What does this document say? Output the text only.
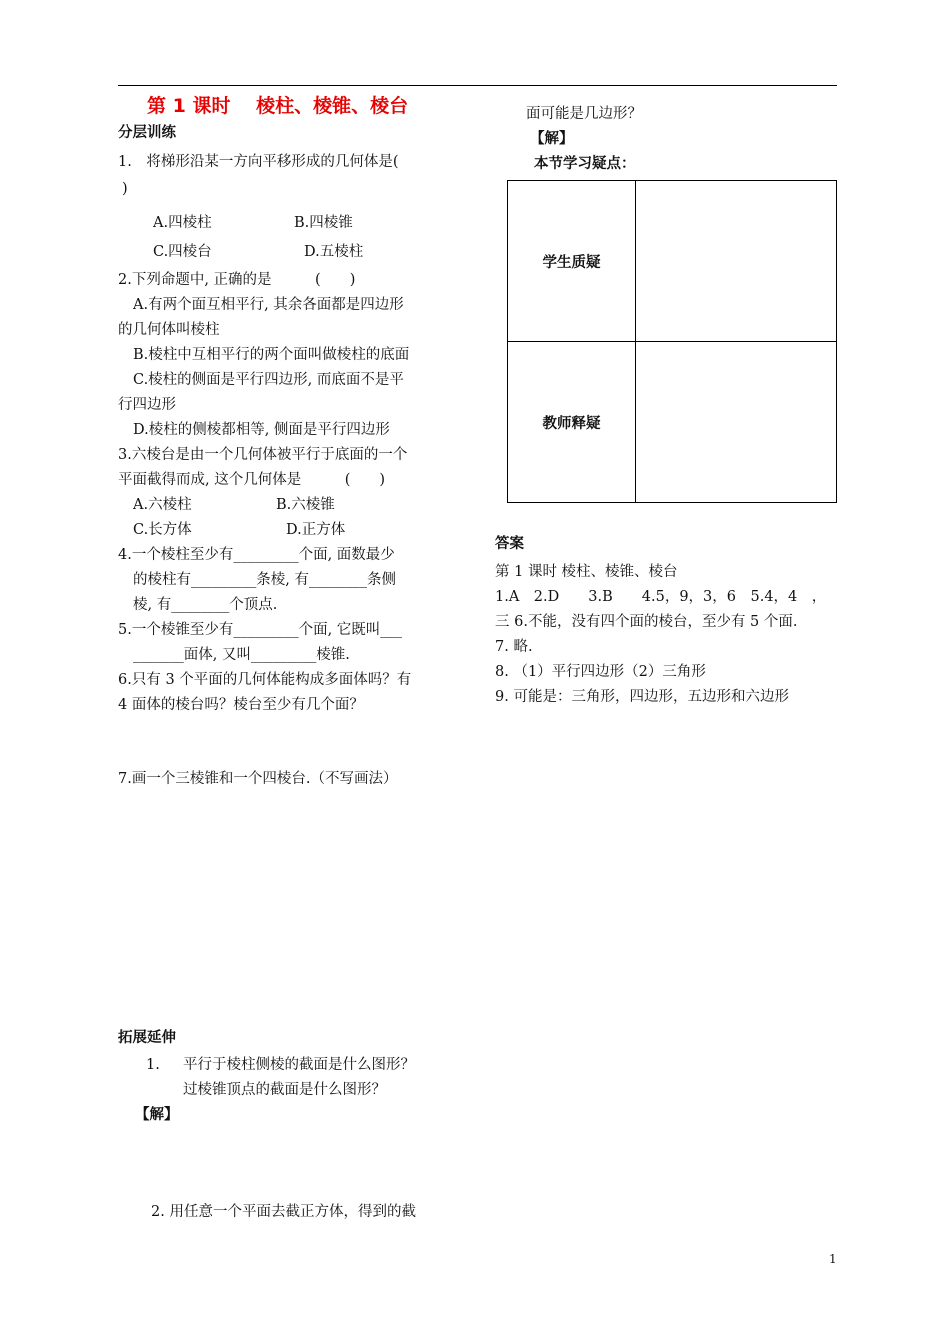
第 1 课时　 棱柱、棱锥、棱台
分层训练
1.　将梯形沿某一方向平移形成的几何体是(
)
A.四棱柱	B.四棱锥
C.四棱台	D.五棱柱
2.下列命题中, 正确的是　　　(　　)
A.有两个面互相平行, 其余各面都是四边形
的几何体叫棱柱
B.棱柱中互相平行的两个面叫做棱柱的底面
C.棱柱的侧面是平行四边形, 而底面不是平
行四边形
D.棱柱的侧棱都相等, 侧面是平行四边形
3.六棱台是由一个几何体被平行于底面的一个
平面截得而成, 这个几何体是　　　(　　)
A.六棱柱	B.六棱锥
C.长方体	D.正方体
4.一个棱柱至少有_________个面, 面数最少
的棱柱有_________条棱, 有________条侧
棱, 有________个顶点.
5.一个棱锥至少有_________个面, 它既叫___
_______面体, 又叫_________棱锥.
6.只有 3 个平面的几何体能构成多面体吗？有
4 面体的棱台吗？棱台至少有几个面？
7.画一个三棱锥和一个四棱台.（不写画法）
拓展延伸
1. 平行于棱柱侧棱的截面是什么图形？
过棱锥顶点的截面是什么图形？
【解】
2. 用任意一个平面去截正方体，得到的截
面可能是几边形？
【解】
本节学习疑点：
学生质疑	
教师释疑	
答案
第 1 课时 棱柱、棱锥、棱台
1.A　2.D　　3.B　　4.5，9，3，6　5.4，4　，
三 6.不能，没有四个面的棱台，至少有 5 个面.
7. 略.
8. （1）平行四边形（2）三角形
9. 可能是：三角形，四边形，五边形和六边形
1
